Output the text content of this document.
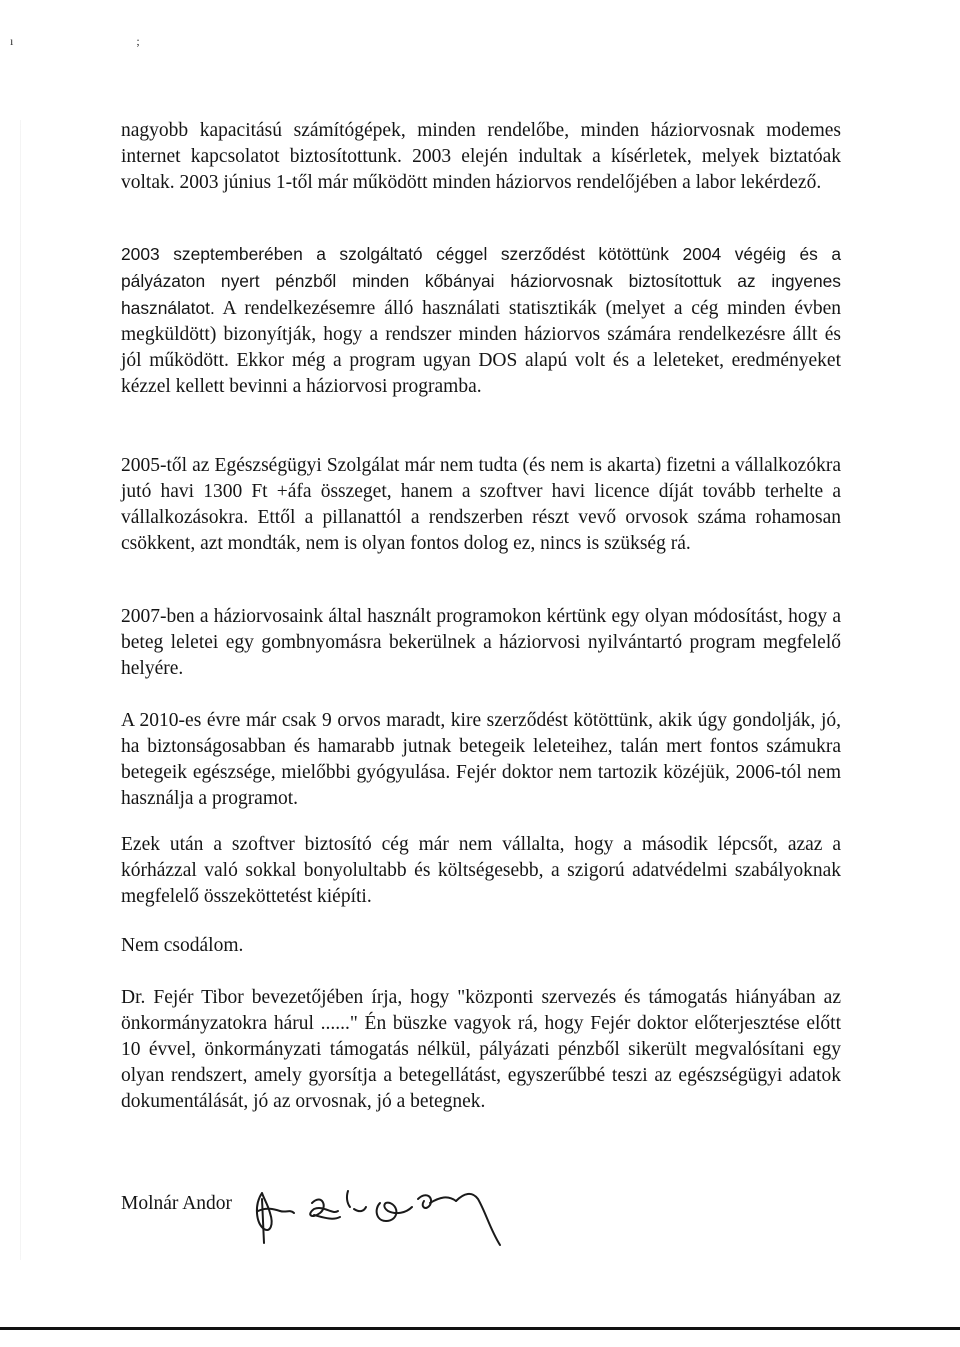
ı ;

nagyobb kapacitású számítógépek, minden rendelőbe, minden háziorvosnak modemes internet kapcsolatot biztosítottunk. 2003 elején indultak a kísérletek, melyek biztatóak voltak. 2003 június 1-től már működött minden háziorvos rendelőjében a labor lekérdező.

2003 szeptemberében a szolgáltató céggel szerződést kötöttünk 2004 végéig és a pályázaton nyert pénzből minden kőbányai háziorvosnak biztosítottuk az ingyenes használatot. A rendelkezésemre álló használati statisztikák (melyet a cég minden évben megküldött) bizonyítják, hogy a rendszer minden háziorvos számára rendelkezésre állt és jól működött. Ekkor még a program ugyan DOS alapú volt és a leleteket, eredményeket kézzel kellett bevinni a háziorvosi programba.

2005-től az Egészségügyi Szolgálat már nem tudta (és nem is akarta) fizetni a vállalkozókra jutó havi 1300 Ft +áfa összeget, hanem a szoftver havi licence díját tovább terhelte a vállalkozásokra. Ettől a pillanattól a rendszerben részt vevő orvosok száma rohamosan csökkent, azt mondták, nem is olyan fontos dolog ez, nincs is szükség rá.

2007-ben a háziorvosaink által használt programokon kértünk egy olyan módosítást, hogy a beteg leletei egy gombnyomásra bekerülnek a háziorvosi nyilvántartó program megfelelő helyére.

A 2010-es évre már csak 9 orvos maradt, kire szerződést kötöttünk, akik úgy gondolják, jó, ha biztonságosabban és hamarabb jutnak betegeik leleteihez, talán mert fontos számukra betegeik egészsége, mielőbbi gyógyulása. Fejér doktor nem tartozik közéjük, 2006-tól nem használja a programot.

Ezek után a szoftver biztosító cég már nem vállalta, hogy a második lépcsőt, azaz a kórházzal való sokkal bonyolultabb és költségesebb, a szigorú adatvédelmi szabályoknak megfelelő összeköttetést kiépíti.

Nem csodálom.

Dr. Fejér Tibor bevezetőjében írja, hogy "központi szervezés és támogatás hiányában az önkormányzatokra hárul ......" Én büszke vagyok rá, hogy Fejér doktor előterjesztése előtt 10 évvel, önkormányzati támogatás nélkül, pályázati pénzből sikerült megvalósítani egy olyan rendszert, amely gyorsítja a betegellátást, egyszerűbbé teszi az egészségügyi adatok dokumentálását, jó az orvosnak, jó a betegnek.

Molnár Andor
